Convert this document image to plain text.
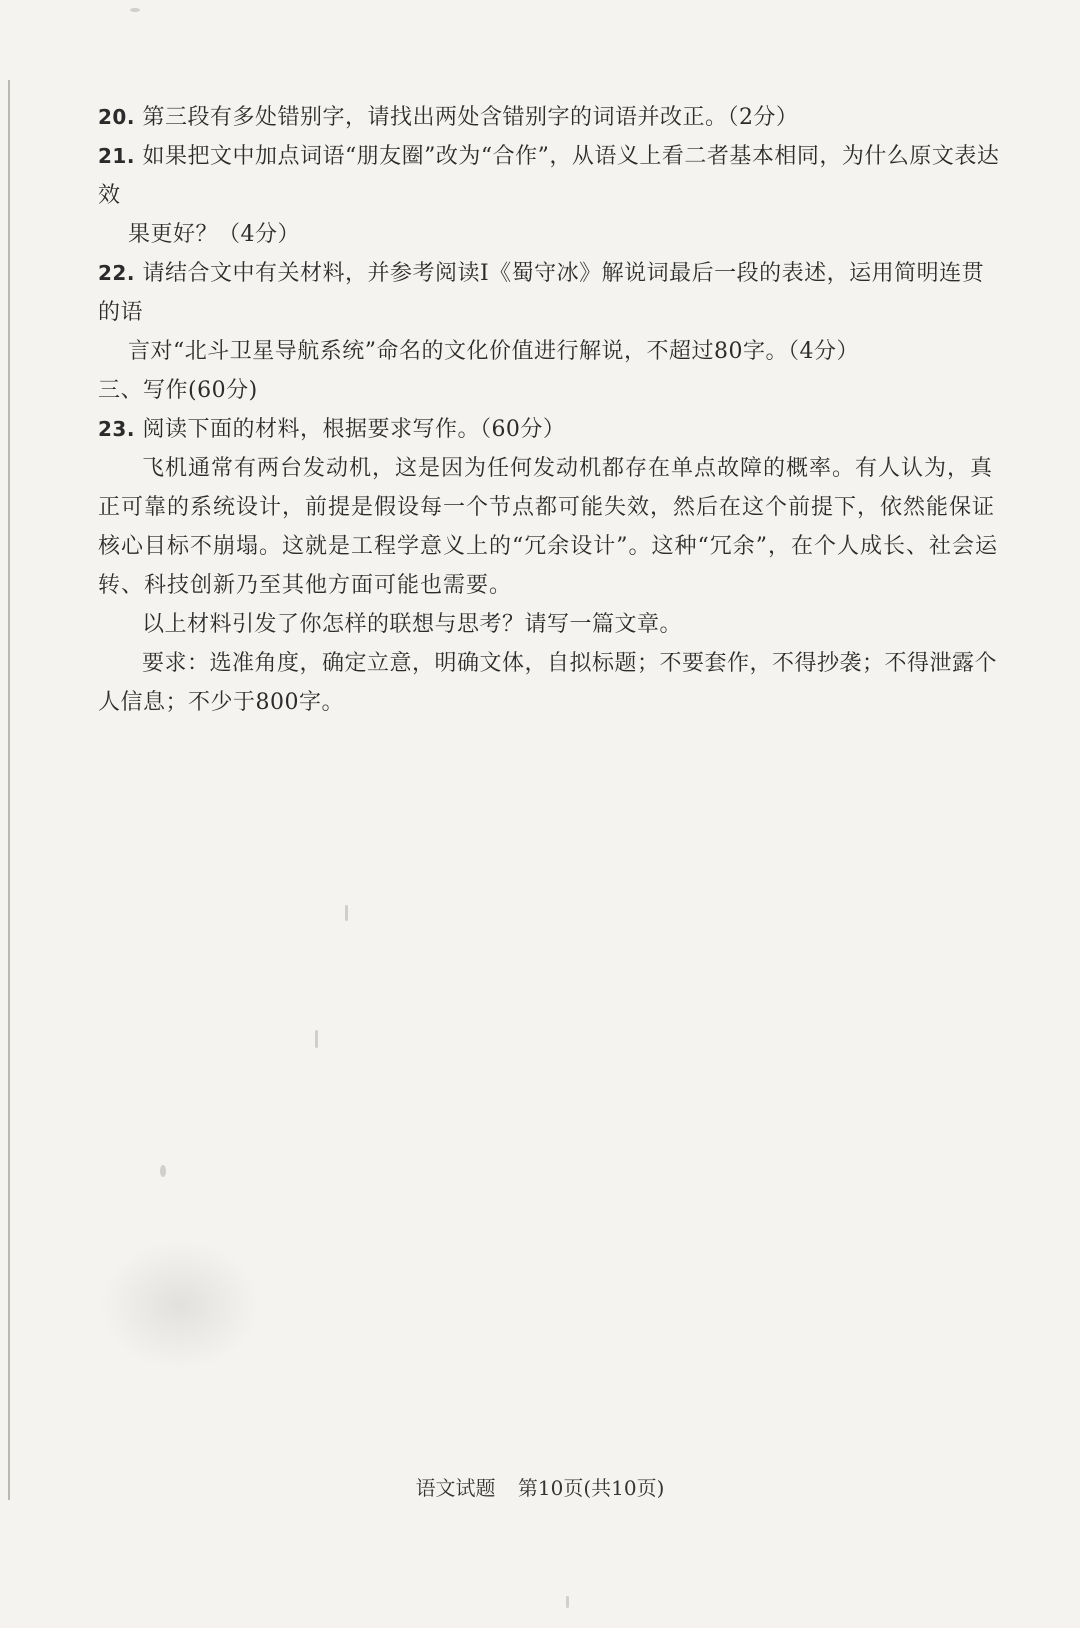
20. 第三段有多处错别字，请找出两处含错别字的词语并改正。（2分）

21. 如果把文中加点词语“朋友圈”改为“合作”，从语义上看二者基本相同，为什么原文表达效

果更好？（4分）

22. 请结合文中有关材料，并参考阅读Ⅰ《蜀守冰》解说词最后一段的表述，运用简明连贯的语

言对“北斗卫星导航系统”命名的文化价值进行解说，不超过80字。（4分）

三、写作(60分)

23. 阅读下面的材料，根据要求写作。（60分）

飞机通常有两台发动机，这是因为任何发动机都存在单点故障的概率。有人认为，真正可靠的系统设计，前提是假设每一个节点都可能失效，然后在这个前提下，依然能保证核心目标不崩塌。这就是工程学意义上的“冗余设计”。这种“冗余”，在个人成长、社会运转、科技创新乃至其他方面可能也需要。

以上材料引发了你怎样的联想与思考？请写一篇文章。

要求：选准角度，确定立意，明确文体，自拟标题；不要套作，不得抄袭；不得泄露个人信息；不少于800字。

语文试题 第10页(共10页)
